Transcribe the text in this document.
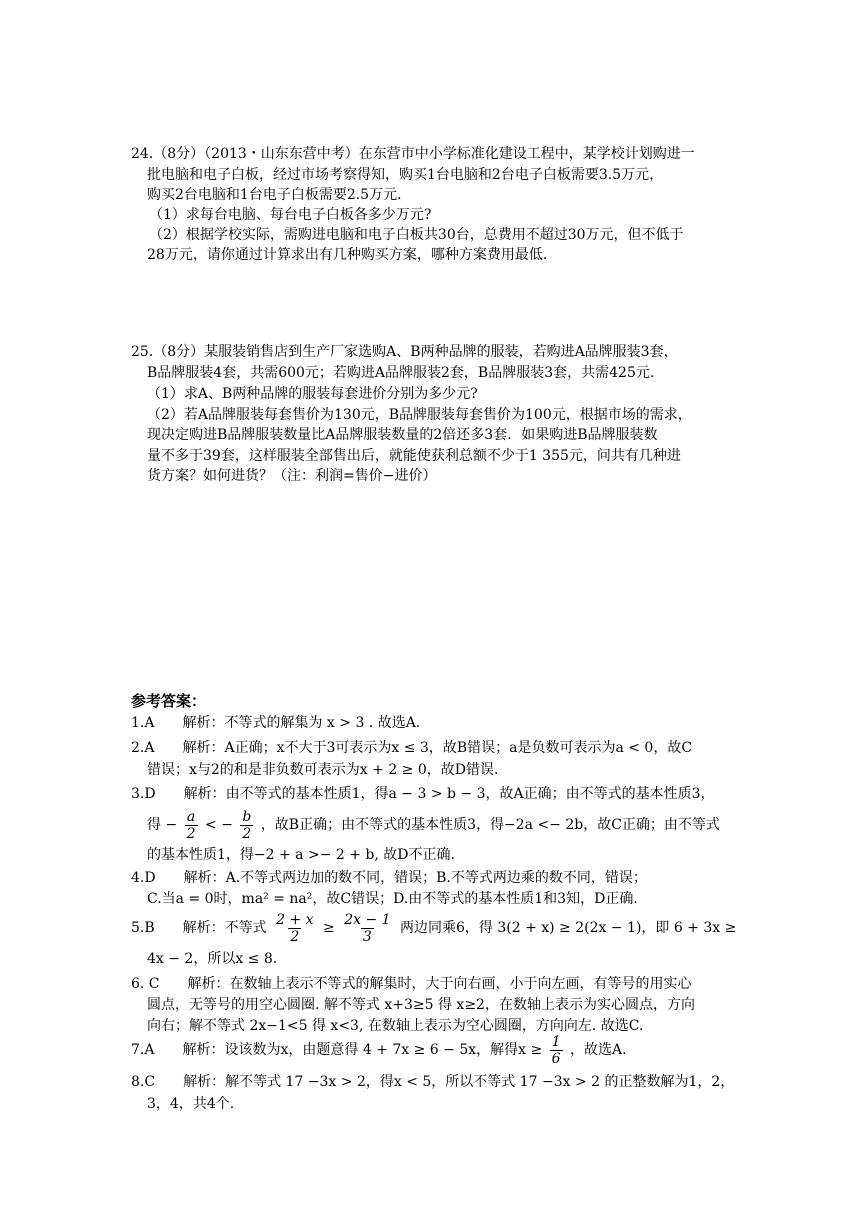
24.（8分）（2013・山东东营中考）在东营市中小学标准化建设工程中，某学校计划购进一
批电脑和电子白板，经过市场考察得知，购买1台电脑和2台电子白板需要3.5万元，
购买2台电脑和1台电子白板需要2.5万元.
（1）求每台电脑、每台电子白板各多少万元?
（2）根据学校实际，需购进电脑和电子白板共30台，总费用不超过30万元，但不低于
28万元，请你通过计算求出有几种购买方案，哪种方案费用最低.
25.（8分）某服装销售店到生产厂家选购A、B两种品牌的服装，若购进A品牌服装3套，
B品牌服装4套，共需600元；若购进A品牌服装2套，B品牌服装3套，共需425元.
（1）求A、B两种品牌的服装每套进价分别为多少元?
（2）若A品牌服装每套售价为130元，B品牌服装每套售价为100元，根据市场的需求，
现决定购进B品牌服装数量比A品牌服装数量的2倍还多3套．如果购进B品牌服装数
量不多于39套，这样服装全部售出后，就能使获利总额不少于1 355元，问共有几种进
货方案？如何进货？（注：利润=售价−进价）
参考答案：
1.A　　解析：不等式的解集为 x > 3 . 故选A.
2.A　　解析：A正确；x不大于3可表示为x ≤ 3，故B错误；a是负数可表示为a < 0，故C
错误；x与2的和是非负数可表示为x + 2 ≥ 0，故D错误.
3.D　　解析：由不等式的基本性质1，得a − 3 > b − 3，故A正确；由不等式的基本性质3，
得 − $\frac{a}{2}$ < − $\frac{b}{2}$ ，故B正确；由不等式的基本性质3，得−2a <− 2b，故C正确；由不等式
的基本性质1，得−2 + a >− 2 + b, 故D不正确.
4.D　　解析：A.不等式两边加的数不同，错误；B.不等式两边乘的数不同，错误；
C.当a = 0时，ma² = na²，故C错误；D.由不等式的基本性质1和3知，D正确.
5.B　　解析：不等式 $\frac{2 + x}{2} \ge \frac{2x - 1}{3}$ 两边同乘6，得 3(2 + x) ≥ 2(2x − 1)，即 6 + 3x ≥
4x − 2，所以x ≤ 8.
6. C　　解析：在数轴上表示不等式的解集时，大于向右画，小于向左画，有等号的用实心
圆点，无等号的用空心圆圈. 解不等式 x+3≥5 得 x≥2，在数轴上表示为实心圆点，方向
向右；解不等式 2x−1<5 得 x<3, 在数轴上表示为空心圆圈，方向向左. 故选C.
7.A　　解析：设该数为x，由题意得 4 + 7x ≥ 6 − 5x，解得$x \ge \frac{1}{6}$ ，故选A.
8.C　　解析：解不等式 17 −3x > 2，得x < 5，所以不等式 17 −3x > 2 的正整数解为1，2，
3，4，共4个.
